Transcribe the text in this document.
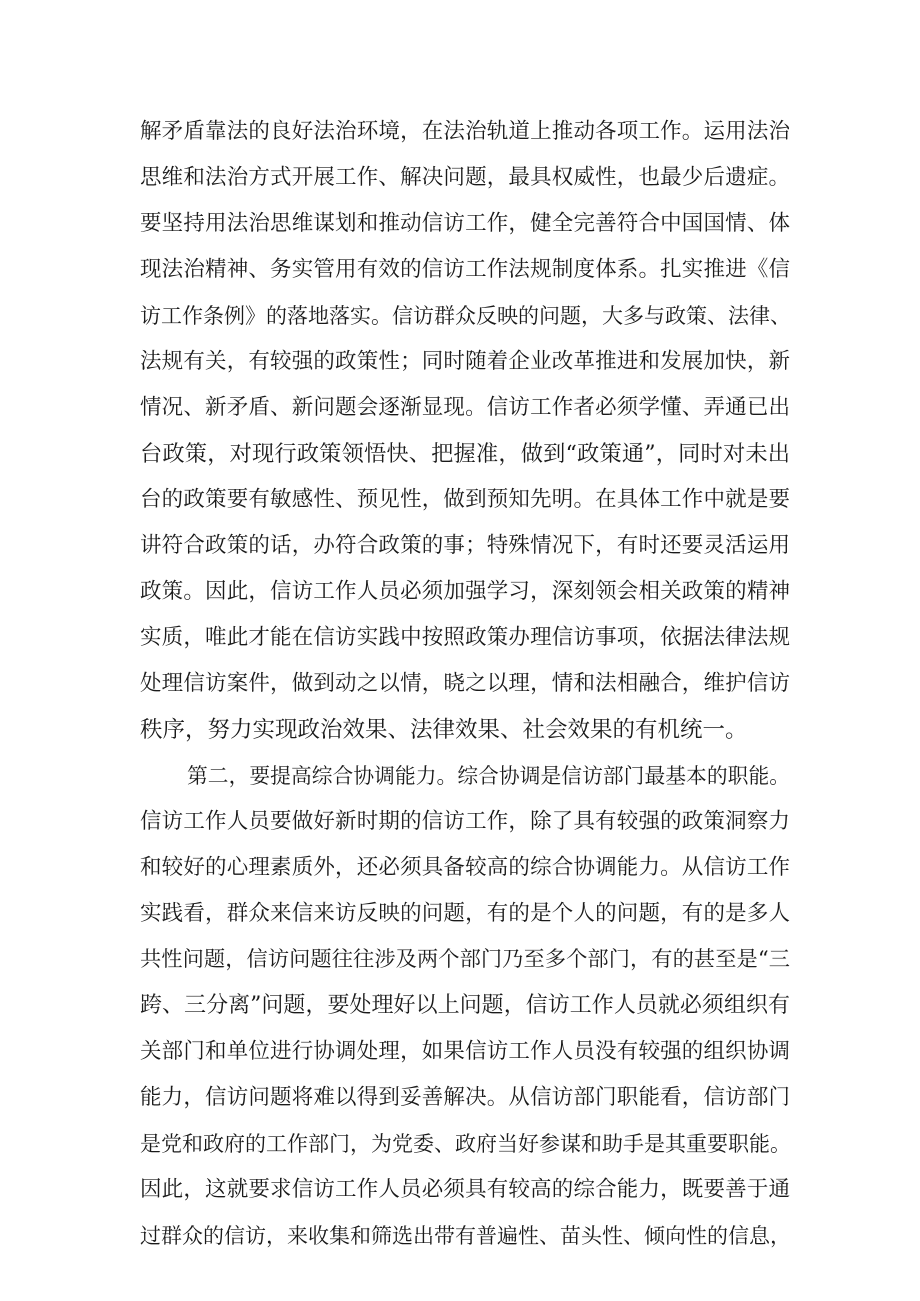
解矛盾靠法的良好法治环境，在法治轨道上推动各项工作。运用法治
思维和法治方式开展工作、解决问题，最具权威性，也最少后遗症。
要坚持用法治思维谋划和推动信访工作，健全完善符合中国国情、体
现法治精神、务实管用有效的信访工作法规制度体系。扎实推进《信
访工作条例》的落地落实。信访群众反映的问题，大多与政策、法律、
法规有关，有较强的政策性；同时随着企业改革推进和发展加快，新
情况、新矛盾、新问题会逐渐显现。信访工作者必须学懂、弄通已出
台政策，对现行政策领悟快、把握准，做到“政策通”，同时对未出
台的政策要有敏感性、预见性，做到预知先明。在具体工作中就是要
讲符合政策的话，办符合政策的事；特殊情况下，有时还要灵活运用
政策。因此，信访工作人员必须加强学习，深刻领会相关政策的精神
实质，唯此才能在信访实践中按照政策办理信访事项，依据法律法规
处理信访案件，做到动之以情，晓之以理，情和法相融合，维护信访
秩序，努力实现政治效果、法律效果、社会效果的有机统一。
第二，要提高综合协调能力。综合协调是信访部门最基本的职能。
信访工作人员要做好新时期的信访工作，除了具有较强的政策洞察力
和较好的心理素质外，还必须具备较高的综合协调能力。从信访工作
实践看，群众来信来访反映的问题，有的是个人的问题，有的是多人
共性问题，信访问题往往涉及两个部门乃至多个部门，有的甚至是“三
跨、三分离”问题，要处理好以上问题，信访工作人员就必须组织有
关部门和单位进行协调处理，如果信访工作人员没有较强的组织协调
能力，信访问题将难以得到妥善解决。从信访部门职能看，信访部门
是党和政府的工作部门，为党委、政府当好参谋和助手是其重要职能。
因此，这就要求信访工作人员必须具有较高的综合能力，既要善于通
过群众的信访，来收集和筛选出带有普遍性、苗头性、倾向性的信息，
